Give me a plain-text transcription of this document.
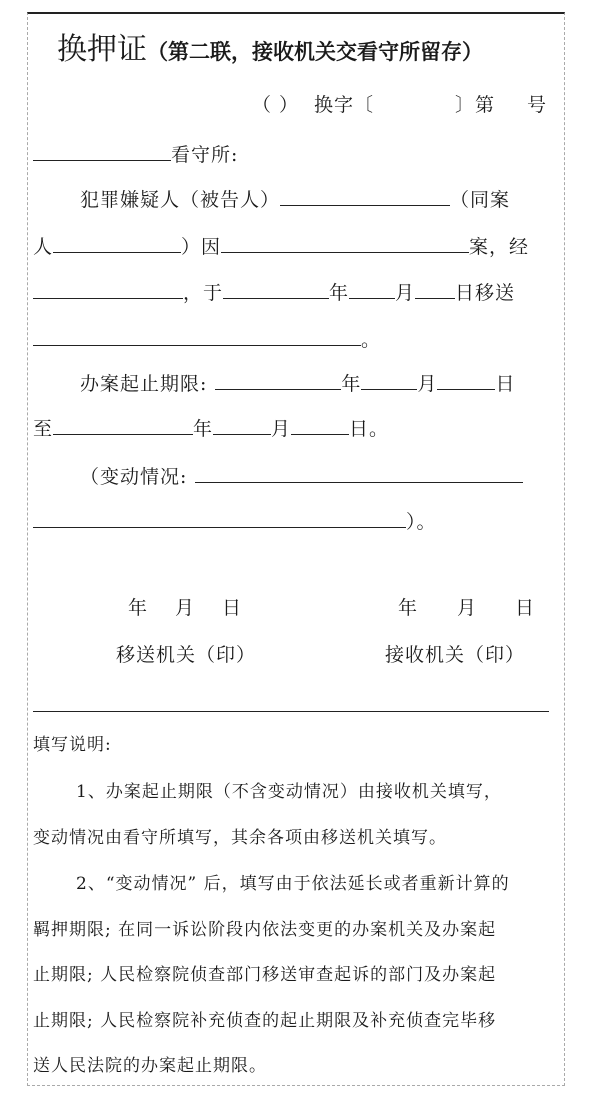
换押证（第二联，接收机关交看守所留存）
（ ） 换字〔	〕第 号
看守所:
犯罪嫌疑人（被告人）	（同案
人	）因	案，经
，于	年 月 日移送
。
办案起止期限:	年	月	日
至	年	月	日。
（变动情况:
）。
年 月 日	年 月 日
移送机关（印）	接收机关（印）
填写说明:
1、办案起止期限（不含变动情况）由接收机关填写，
变动情况由看守所填写，其余各项由移送机关填写。
2、“变动情况” 后，填写由于依法延长或者重新计算的
羁押期限; 在同一诉讼阶段内依法变更的办案机关及办案起
止期限; 人民检察院侦查部门移送审查起诉的部门及办案起
止期限; 人民检察院补充侦查的起止期限及补充侦查完毕移
送人民法院的办案起止期限。
